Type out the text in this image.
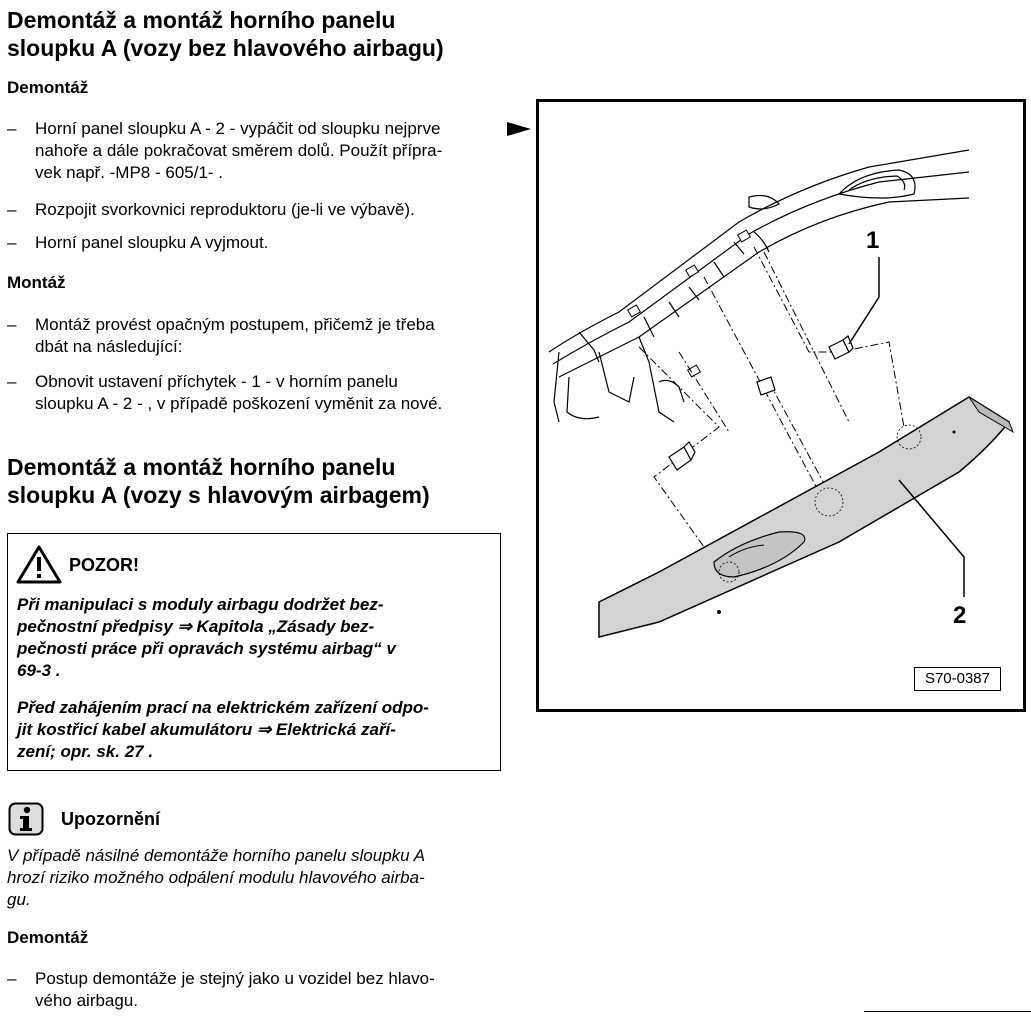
Demontáž a montáž horního panelu
sloupku A (vozy bez hlavového airbagu)
Demontáž
– Horní panel sloupku A - 2 - vypáčit od sloupku nejprve
nahoře a dále pokračovat směrem dolů. Použít přípra-
vek např. -MP8 - 605/1- .
– Rozpojit svorkovnici reproduktoru (je-li ve výbavě).
– Horní panel sloupku A vyjmout.
Montáž
– Montáž provést opačným postupem, přičemž je třeba
dbát na následující:
– Obnovit ustavení příchytek - 1 - v horním panelu
sloupku A - 2 - , v případě poškození vyměnit za nové.
Demontáž a montáž horního panelu
sloupku A (vozy s hlavovým airbagem)
POZOR!

Při manipulaci s moduly airbagu dodržet bez-
pečnostní předpisy ⇒ Kapitola „Zásady bez-
pečnosti práce při opravách systému airbag“ v
69-3 .

Před zahájením prací na elektrickém zařízení odpo-
jit kostřicí kabel akumulátoru ⇒ Elektrická zaří-
zení; opr. sk. 27 .

Upozornění
V případě násilné demontáže horního panelu sloupku A
hrozí riziko možného odpálení modulu hlavového airba-
gu.
Demontáž
– Postup demontáže je stejný jako u vozidel bez hlavo-
vého airbagu.
1
2
S70-0387
